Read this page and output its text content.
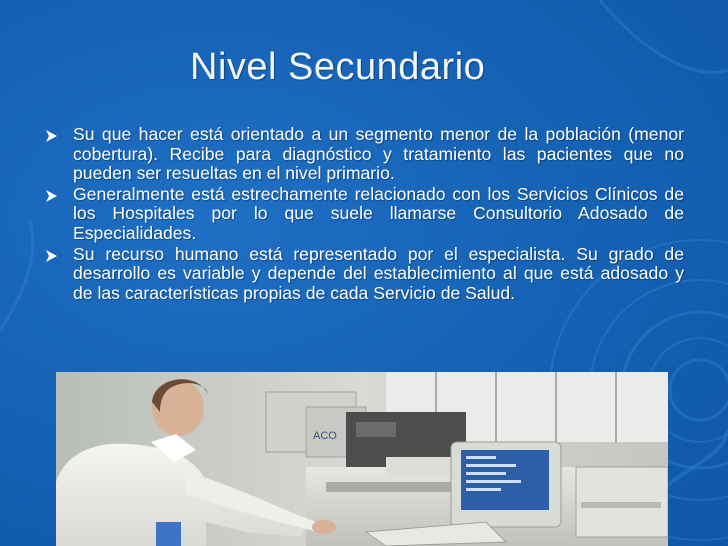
Nivel Secundario
Su que hacer está orientado a un segmento menor de la población (menor cobertura). Recibe para diagnóstico y tratamiento las pacientes que no pueden ser resueltas en el nivel primario.
Generalmente está estrechamente relacionado con los Servicios Clínicos de los Hospitales por lo que suele llamarse Consultorio Adosado de Especialidades.
Su recurso humano está representado por el especialista. Su grado de desarrollo es variable y depende del establecimiento al que está adosado y de las características propias de cada Servicio de Salud.
ACO
